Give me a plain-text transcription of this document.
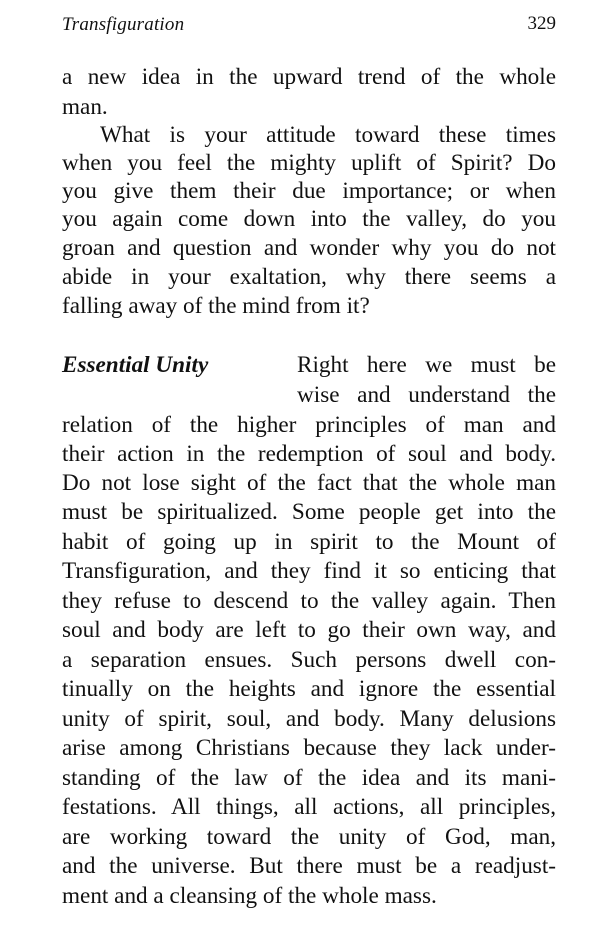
Transfiguration	329
a new idea in the upward trend of the whole
man.
What is your attitude toward these times
when you feel the mighty uplift of Spirit? Do
you give them their due importance; or when
you again come down into the valley, do you
groan and question and wonder why you do not
abide in your exaltation, why there seems a
falling away of the mind from it?
Essential Unity	Right here we must be
wise and understand the
relation of the higher principles of man and
their action in the redemption of soul and body.
Do not lose sight of the fact that the whole man
must be spiritualized. Some people get into the
habit of going up in spirit to the Mount of
Transfiguration, and they find it so enticing that
they refuse to descend to the valley again. Then
soul and body are left to go their own way, and
a separation ensues. Such persons dwell con-
tinually on the heights and ignore the essential
unity of spirit, soul, and body. Many delusions
arise among Christians because they lack under-
standing of the law of the idea and its mani-
festations. All things, all actions, all principles,
are working toward the unity of God, man,
and the universe. But there must be a readjust-
ment and a cleansing of the whole mass.
